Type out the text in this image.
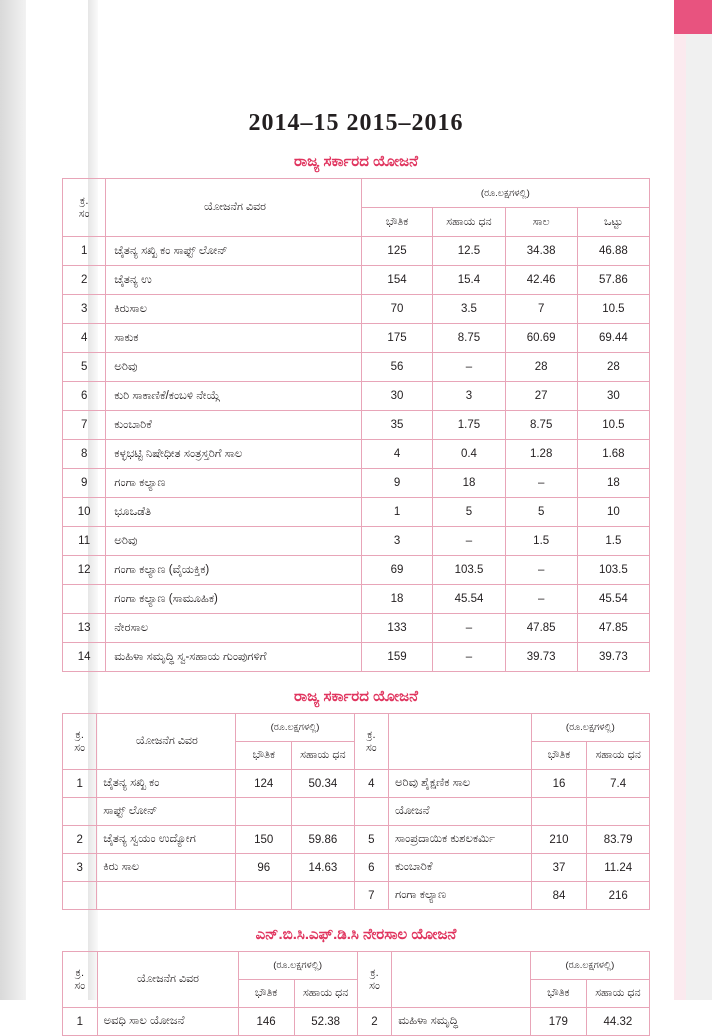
2014–15 2015–2016
ರಾಜ್ಯ ಸರ್ಕಾರದ ಯೋಜನೆ
ಕ್ರ.
ಸಂ	ಯೋಜನೆಗ ವಿವರ	(ರೂ.ಲಕ್ಷಗಳಲ್ಲಿ)			
		ಭೌತಿಕ	ಸಹಾಯ ಧನ	ಸಾಲ	ಒಟ್ಟು
1	ಚೈತನ್ಯ ಸಖ್ಖಿ ಕಂ ಸಾಫ್ಟ್ ಲೋನ್	125	12.5	34.38	46.88
2	ಚೈತನ್ಯ ಉ	154	15.4	42.46	57.86
3	ಕಿರುಸಾಲ	70	3.5	7	10.5
4	ಸಾಕುಕ	175	8.75	60.69	69.44
5	ಅರಿವು	56	–	28	28
6	ಕುರಿ ಸಾಕಾಣಿಕೆ/ಕಂಬಳಿ ನೇಯ್ಗೆ	30	3	27	30
7	ಕುಂಬಾರಿಕೆ	35	1.75	8.75	10.5
8	ಕಳ್ಳಭಟ್ಟಿ ನಿಷೇಧೀತ ಸಂತ್ರಸ್ತರಿಗೆ ಸಾಲ	4	0.4	1.28	1.68
9	ಗಂಗಾ ಕಲ್ಯಾಣ	9	18	–	18
10	ಭೂಒಡೆತಿ	1	5	5	10
11	ಅರಿವು	3	–	1.5	1.5
12	ಗಂಗಾ ಕಲ್ಯಾಣ (ವೈಯಕ್ತಿಕ)	69	103.5	–	103.5
	ಗಂಗಾ ಕಲ್ಯಾಣ (ಸಾಮೂಹಿಕ)	18	45.54	–	45.54
13	ನೇರಸಾಲ	133	–	47.85	47.85
14	ಮಹಿಳಾ ಸಮೃದ್ಧಿ ಸ್ವ-ಸಹಾಯ ಗುಂಪುಗಳಿಗೆ	159	–	39.73	39.73
ರಾಜ್ಯ ಸರ್ಕಾರದ ಯೋಜನೆ
ಕ್ರ.
ಸಂ	ಯೋಜನೆಗ ವಿವರ	(ರೂ.ಲಕ್ಷಗಳಲ್ಲಿ)		ಕ್ರ.
ಸಂ		(ರೂ.ಲಕ್ಷಗಳಲ್ಲಿ)	
		ಭೌತಿಕ	ಸಹಾಯ ಧನ			ಭೌತಿಕ	ಸಹಾಯ ಧನ
1	ಚೈತನ್ಯ ಸಖ್ಖಿ ಕಂ	124	50.34	4	ಅರಿವು ಶೈಕ್ಷಣಿಕ ಸಾಲ	16	7.4
	ಸಾಫ್ಟ್ ಲೋನ್				ಯೋಜನೆ		
2	ಚೈತನ್ಯ ಸ್ವಯಂ ಉದ್ಯೋಗ	150	59.86	5	ಸಾಂಪ್ರದಾಯಿಕ ಕುಶಲಕರ್ಮಿ	210	83.79
3	ಕಿರು ಸಾಲ	96	14.63	6	ಕುಂಬಾರಿಕೆ	37	11.24
				7	ಗಂಗಾ ಕಲ್ಯಾಣ	84	216
ಎನ್.ಬಿ.ಸಿ.ಎಫ್.ಡಿ.ಸಿ ನೇರಸಾಲ ಯೋಜನೆ
ಕ್ರ.
ಸಂ	ಯೋಜನೆಗ ವಿವರ	(ರೂ.ಲಕ್ಷಗಳಲ್ಲಿ)		ಕ್ರ.
ಸಂ		(ರೂ.ಲಕ್ಷಗಳಲ್ಲಿ)	
		ಭೌತಿಕ	ಸಹಾಯ ಧನ			ಭೌತಿಕ	ಸಹಾಯ ಧನ
1	ಅವಧಿ ಸಾಲ ಯೋಜನೆ	146	52.38	2	ಮಹಿಳಾ ಸಮೃದ್ಧಿ	179	44.32
